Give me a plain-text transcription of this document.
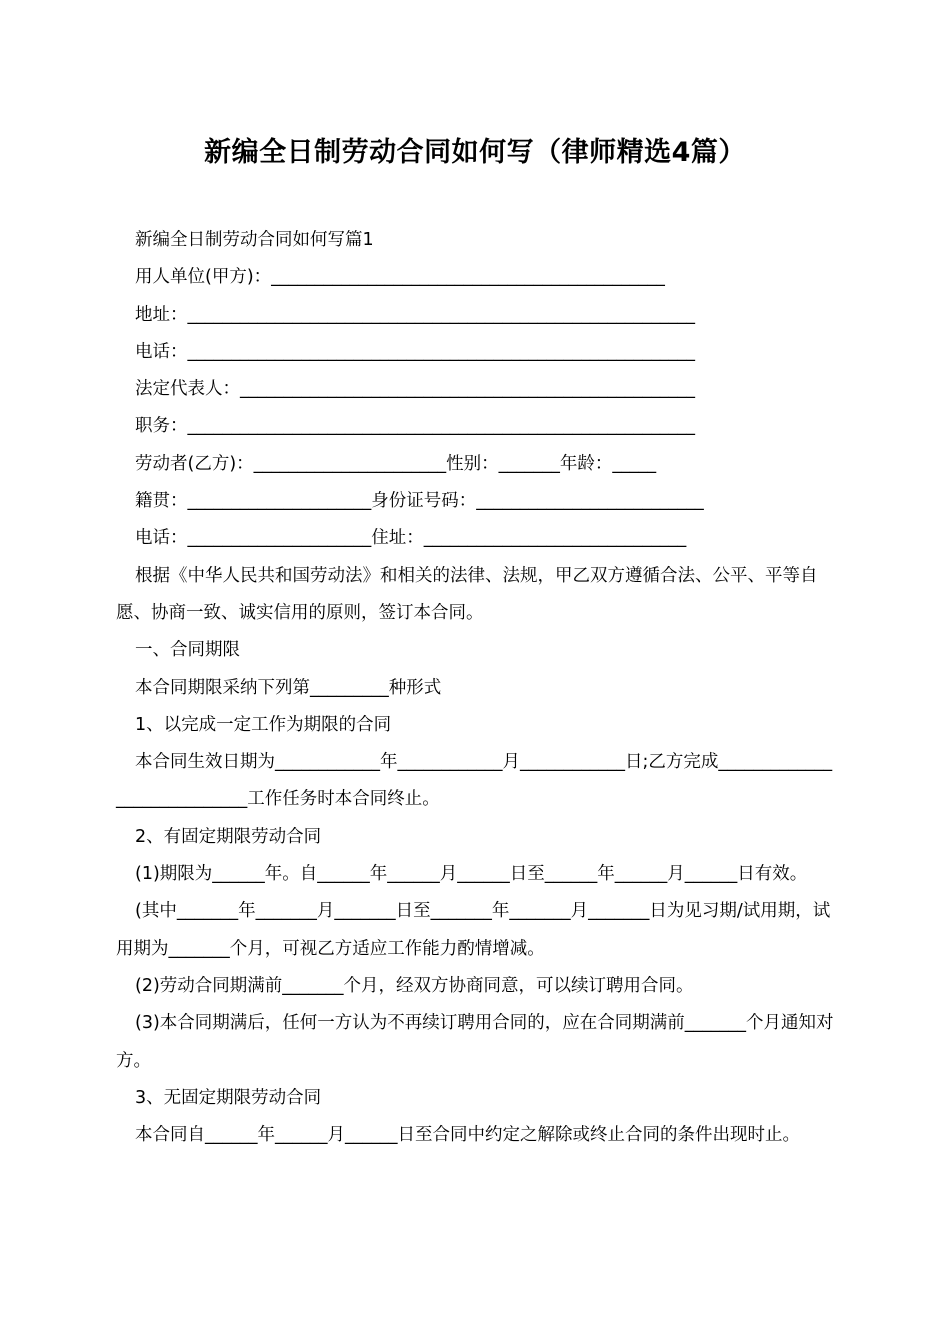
新编全日制劳动合同如何写（律师精选4篇）

新编全日制劳动合同如何写篇1

用人单位(甲方)：_____________________________________________

地址：__________________________________________________________

电话：__________________________________________________________

法定代表人：____________________________________________________

职务：__________________________________________________________

劳动者(乙方)：______________________性别：_______年龄：_____

籍贯：_____________________身份证号码：__________________________

电话：_____________________住址：______________________________

根据《中华人民共和国劳动法》和相关的法律、法规，甲乙双方遵循合法、公平、平等自愿、协商一致、诚实信用的原则，签订本合同。

一、合同期限

本合同期限采纳下列第_________种形式

1、以完成一定工作为期限的合同

本合同生效日期为____________年____________月____________日;乙方完成____________________________工作任务时本合同终止。

2、有固定期限劳动合同

(1)期限为______年。自______年______月______日至______年______月______日有效。

(其中_______年_______月_______日至_______年_______月_______日为见习期/试用期，试用期为_______个月，可视乙方适应工作能力酌情增减。

(2)劳动合同期满前_______个月，经双方协商同意，可以续订聘用合同。

(3)本合同期满后，任何一方认为不再续订聘用合同的，应在合同期满前_______个月通知对方。

3、无固定期限劳动合同

本合同自______年______月______日至合同中约定之解除或终止合同的条件出现时止。
